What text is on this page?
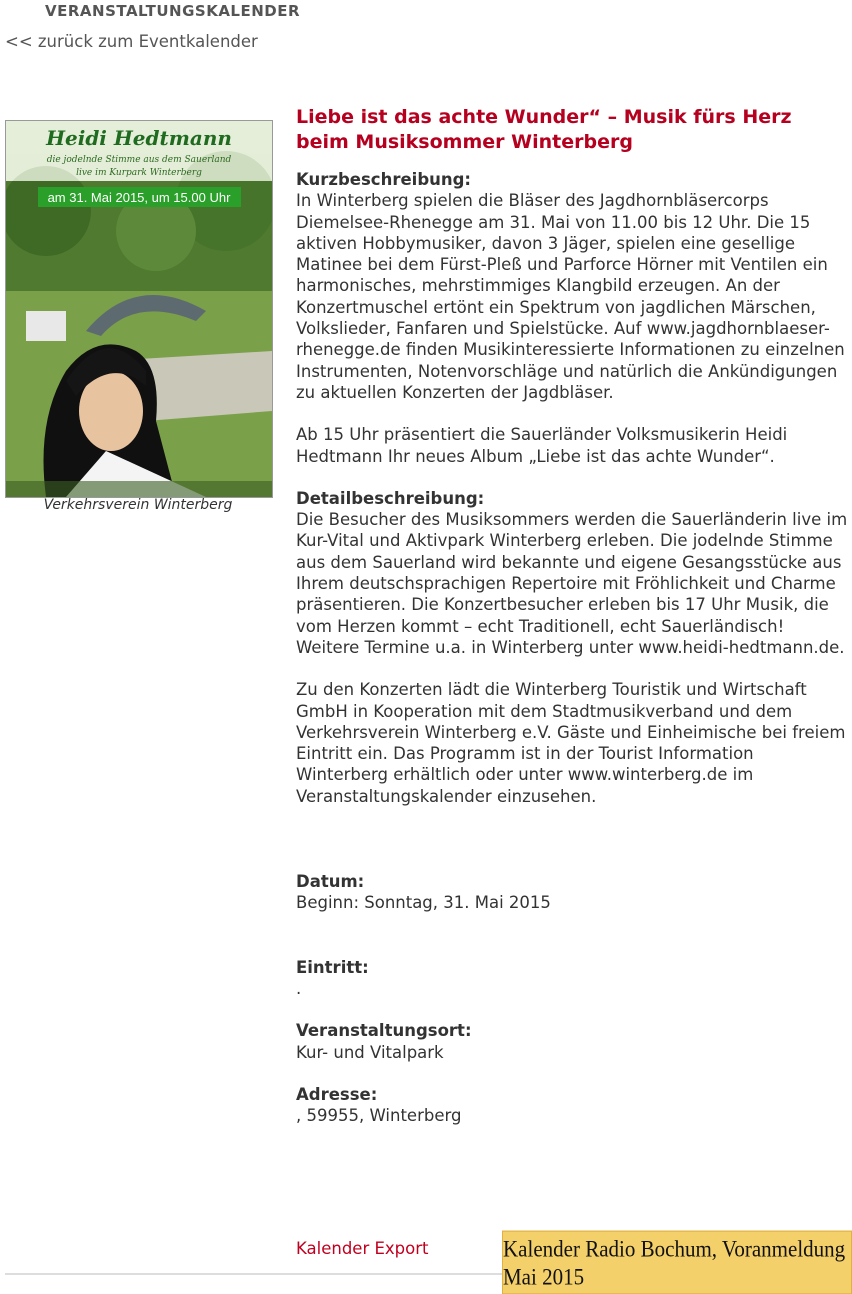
VERANSTALTUNGSKALENDER
<< zurück zum Eventkalender
Heidi Hedtmann
die jodelnde Stimme aus dem Sauerland
live im Kurpark Winterberg
am 31. Mai 2015, um 15.00 Uhr
Verkehrsverein Winterberg
Liebe ist das achte Wunder“ – Musik fürs Herz beim Musiksommer Winterberg
Kurzbeschreibung:

In Winterberg spielen die Bläser des Jagdhornbläsercorps Diemelsee-Rhenegge am 31. Mai von 11.00 bis 12 Uhr. Die 15 aktiven Hobbymusiker, davon 3 Jäger, spielen eine gesellige Matinee bei dem Fürst-Pleß und Parforce Hörner mit Ventilen ein harmonisches, mehrstimmiges Klangbild erzeugen. An der Konzertmuschel ertönt ein Spektrum von jagdlichen Märschen, Volkslieder, Fanfaren und Spielstücke. Auf www.jagdhornblaeser-rhenegge.de finden Musikinteressierte Informationen zu einzelnen Instrumenten, Notenvorschläge und natürlich die Ankündigungen zu aktuellen Konzerten der Jagdbläser.

Ab 15 Uhr präsentiert die Sauerländer Volksmusikerin Heidi Hedtmann Ihr neues Album „Liebe ist das achte Wunder“.

Detailbeschreibung:

Die Besucher des Musiksommers werden die Sauerländerin live im Kur-Vital und Aktivpark Winterberg erleben. Die jodelnde Stimme aus dem Sauerland wird bekannte und eigene Gesangsstücke aus Ihrem deutschsprachigen Repertoire mit Fröhlichkeit und Charme präsentieren. Die Konzertbesucher erleben bis 17 Uhr Musik, die vom Herzen kommt – echt Traditionell, echt Sauerländisch! Weitere Termine u.a. in Winterberg unter www.heidi-hedtmann.de.

Zu den Konzerten lädt die Winterberg Touristik und Wirtschaft GmbH in Kooperation mit dem Stadtmusikverband und dem Verkehrsverein Winterberg e.V. Gäste und Einheimische bei freiem Eintritt ein. Das Programm ist in der Tourist Information Winterberg erhältlich oder unter www.winterberg.de im Veranstaltungskalender einzusehen.

Datum:
Beginn: Sonntag, 31. Mai 2015
Eintritt:
.
Veranstaltungsort:
Kur- und Vitalpark
Adresse:
, 59955, Winterberg
Kalender Export	Kalender Radio Bochum, Voranmeldung Mai 2015
